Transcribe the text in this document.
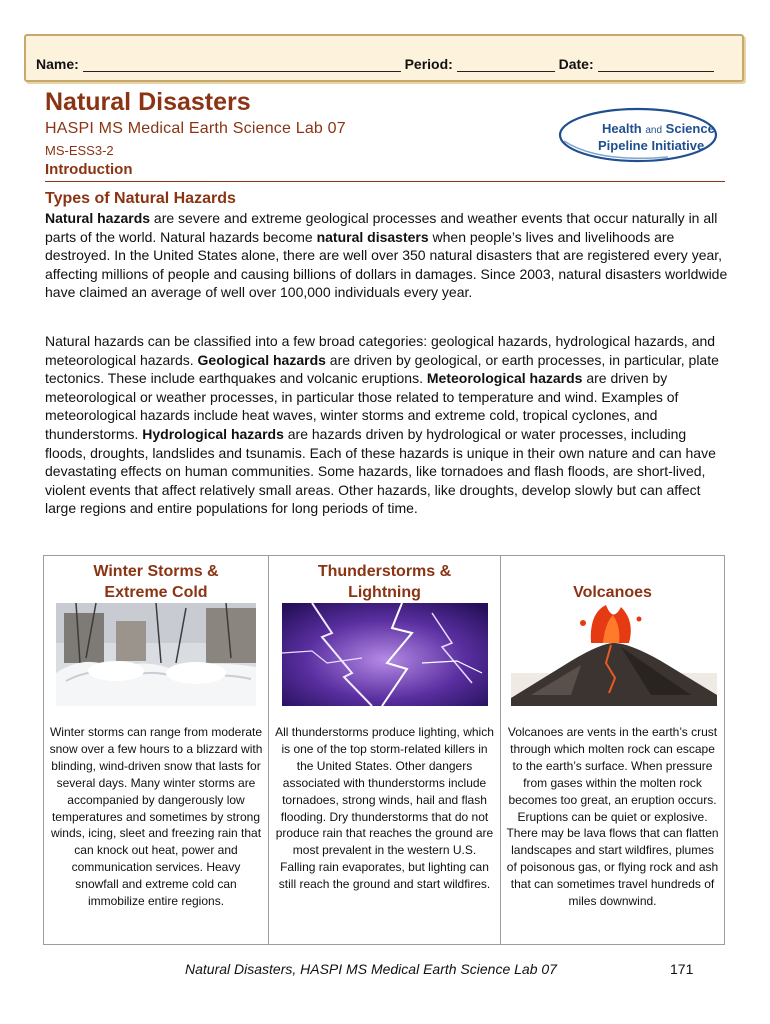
Name:	Period:	Date:
Natural Disasters
HASPI MS Medical Earth Science Lab 07
MS-ESS3-2
Introduction
Health and Science
Pipeline Initiative
Types of Natural Hazards
Natural hazards are severe and extreme geological processes and weather events that occur naturally in all parts of the world. Natural hazards become natural disasters when people’s lives and livelihoods are destroyed. In the United States alone, there are well over 350 natural disasters that are registered every year, affecting millions of people and causing billions of dollars in damages. Since 2003, natural disasters worldwide have claimed an average of well over 100,000 individuals every year.
Natural hazards can be classified into a few broad categories: geological hazards, hydrological hazards, and meteorological hazards. Geological hazards are driven by geological, or earth processes, in particular, plate tectonics. These include earthquakes and volcanic eruptions. Meteorological hazards are driven by meteorological or weather processes, in particular those related to temperature and wind. Examples of meteorological hazards include heat waves, winter storms and extreme cold, tropical cyclones, and thunderstorms. Hydrological hazards are hazards driven by hydrological or water processes, including floods, droughts, landslides and tsunamis. Each of these hazards is unique in their own nature and can have devastating effects on human communities. Some hazards, like tornadoes and flash floods, are short-lived, violent events that affect relatively small areas. Other hazards, like droughts, develop slowly but can affect large regions and entire populations for long periods of time.
Winter Storms &
Extreme Cold
Winter storms can range from moderate snow over a few hours to a blizzard with blinding, wind-driven snow that lasts for several days. Many winter storms are accompanied by dangerously low temperatures and sometimes by strong winds, icing, sleet and freezing rain that can knock out heat, power and communication services. Heavy snowfall and extreme cold can immobilize entire regions.
Thunderstorms &
Lightning
All thunderstorms produce lighting, which is one of the top storm-related killers in the United States. Other dangers associated with thunderstorms include tornadoes, strong winds, hail and flash flooding. Dry thunderstorms that do not produce rain that reaches the ground are most prevalent in the western U.S. Falling rain evaporates, but lighting can still reach the ground and start wildfires.
Volcanoes
Volcanoes are vents in the earth’s crust through which molten rock can escape to the earth’s surface. When pressure from gases within the molten rock becomes too great, an eruption occurs. Eruptions can be quiet or explosive. There may be lava flows that can flatten landscapes and start wildfires, plumes of poisonous gas, or flying rock and ash that can sometimes travel hundreds of miles downwind.
Natural Disasters, HASPI MS Medical Earth Science Lab 07	171
